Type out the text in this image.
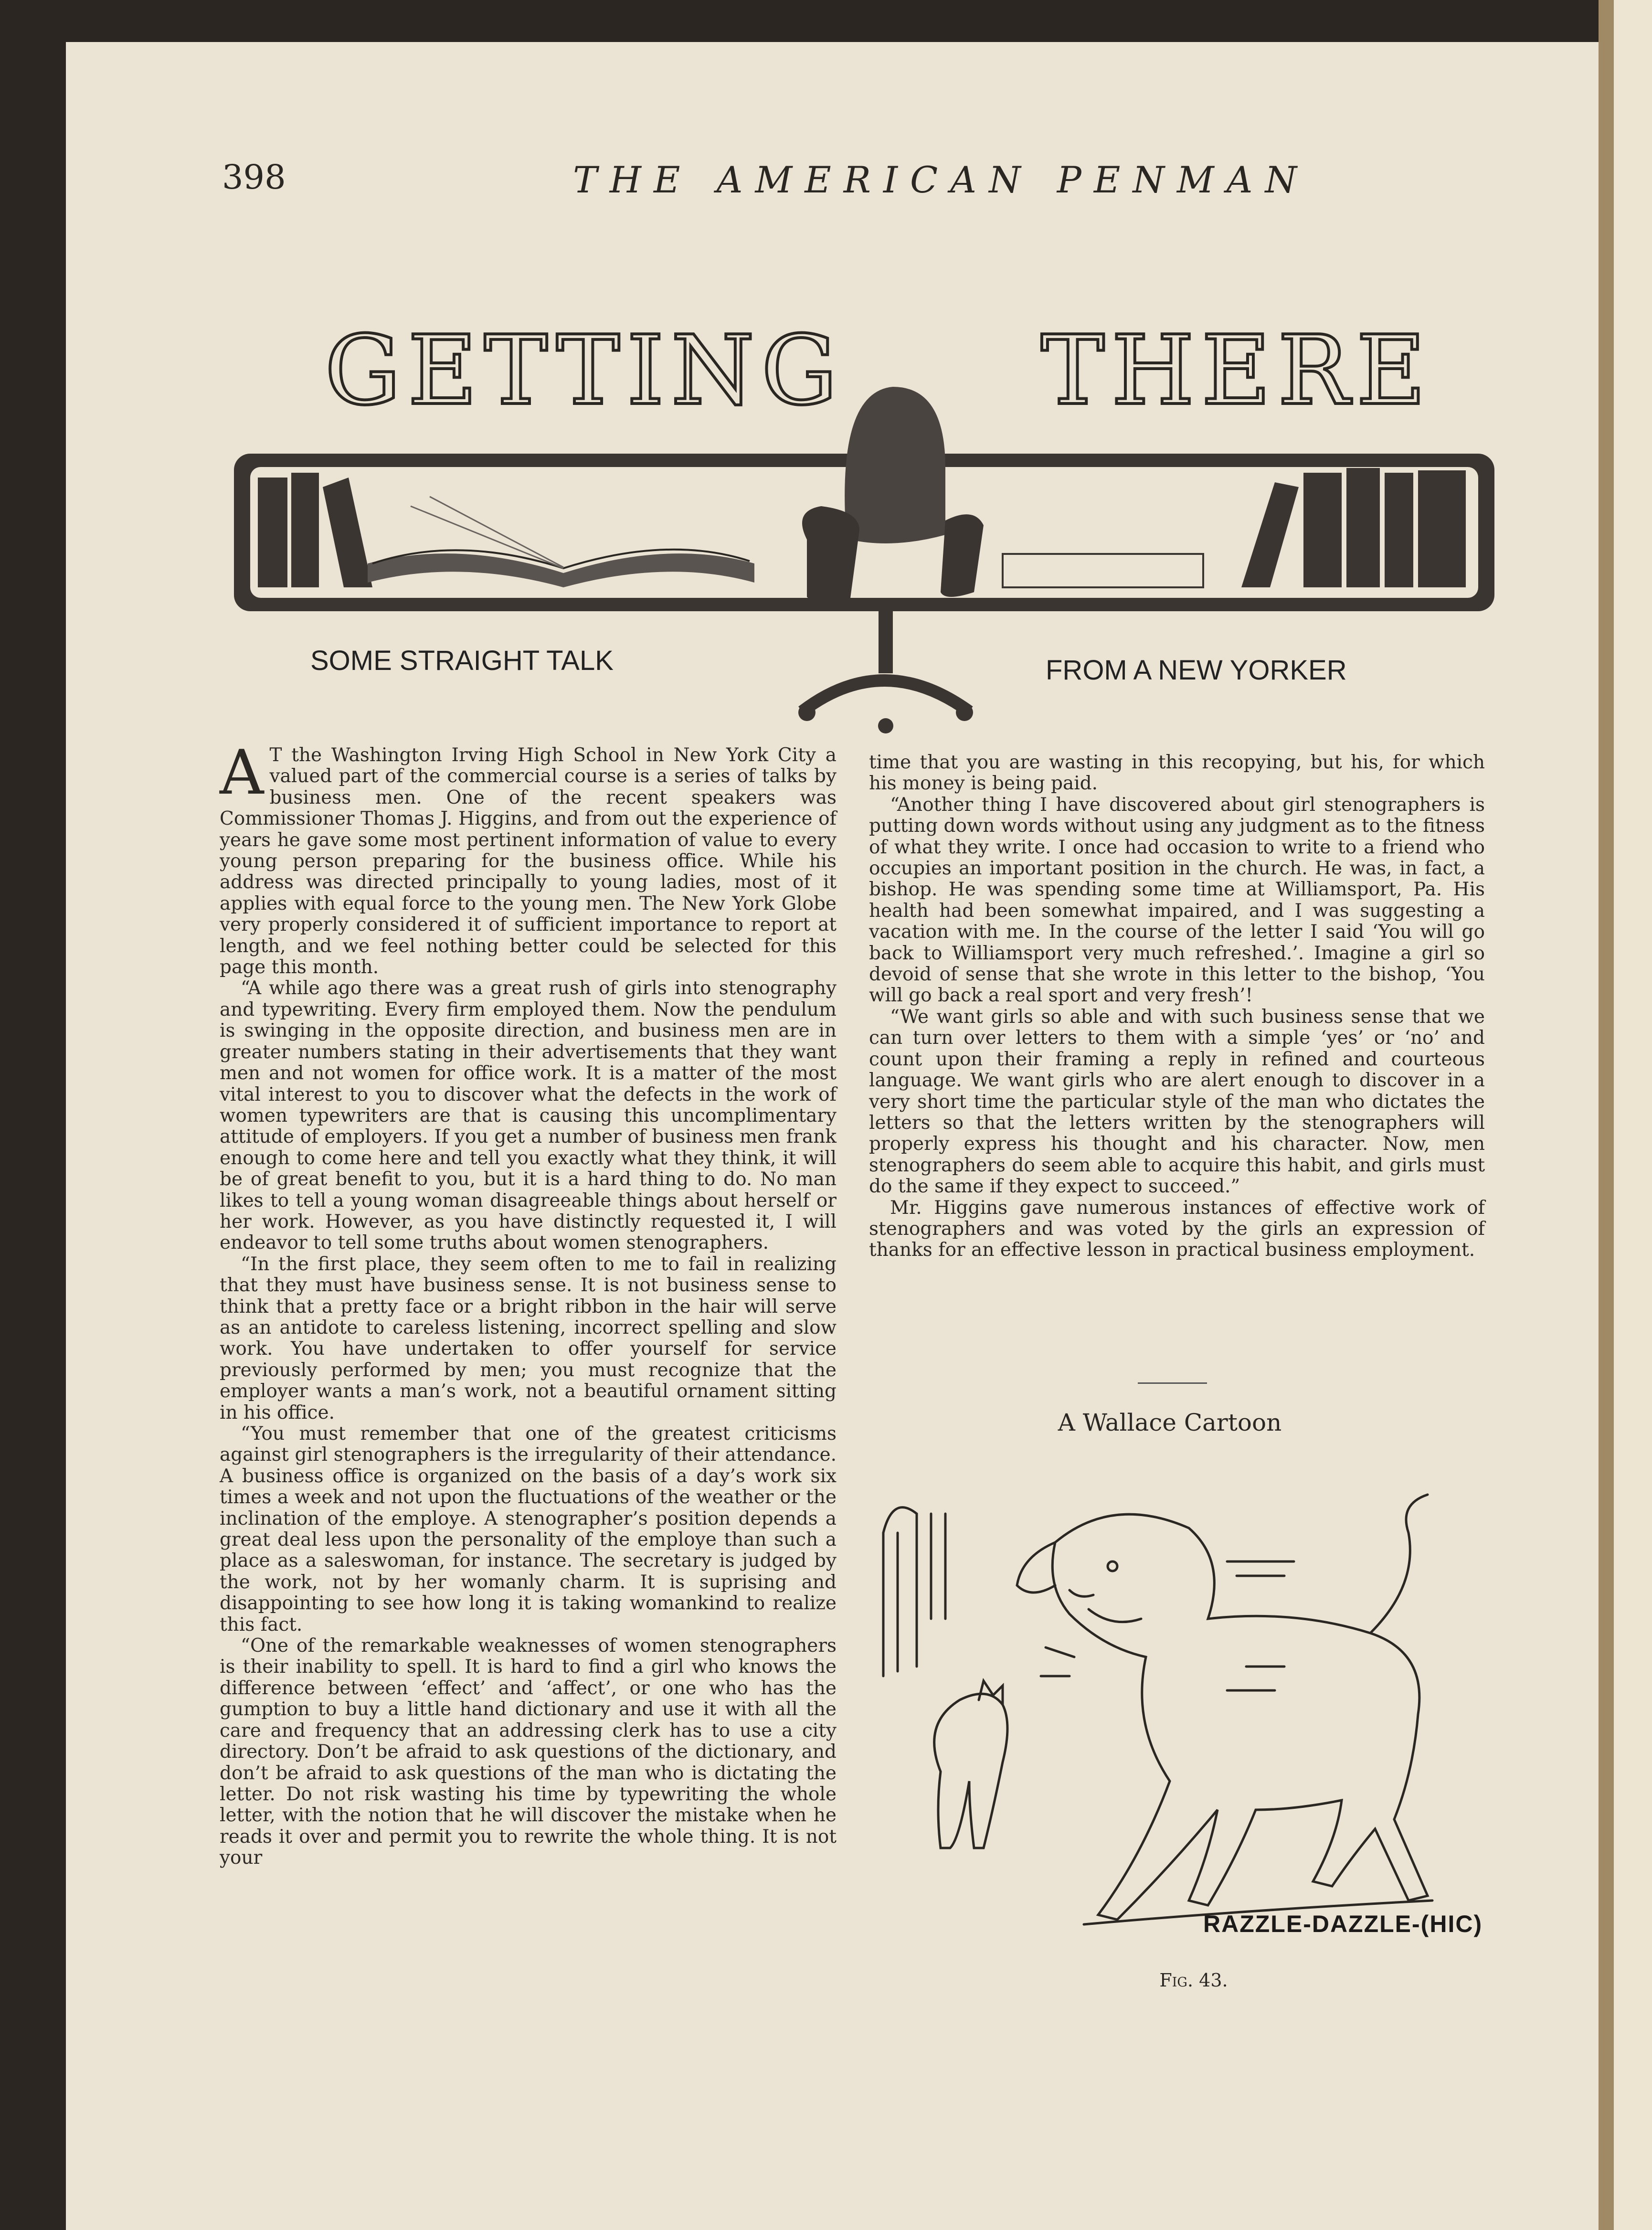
398	THE AMERICAN PENMAN
GETTING THERE
SOME STRAIGHT TALK	FROM A NEW YORKER

A T the Washington Irving High School in New York City a valued part of the commercial course is a series of talks by business men. One of the recent speakers was Commissioner Thomas J. Higgins, and from out the experience of years he gave some most pertinent information of value to every young person preparing for the business office. While his address was directed principally to young ladies, most of it applies with equal force to the young men. The New York Globe very properly considered it of sufficient importance to report at length, and we feel nothing better could be selected for this page this month.

“A while ago there was a great rush of girls into stenography and typewriting. Every firm employed them. Now the pendulum is swinging in the opposite direction, and business men are in greater numbers stating in their advertisements that they want men and not women for office work. It is a matter of the most vital interest to you to discover what the defects in the work of women typewriters are that is causing this uncomplimentary attitude of employers. If you get a number of business men frank enough to come here and tell you exactly what they think, it will be of great benefit to you, but it is a hard thing to do. No man likes to tell a young woman disagreeable things about herself or her work. However, as you have distinctly requested it, I will endeavor to tell some truths about women stenographers.

“In the first place, they seem often to me to fail in realizing that they must have business sense. It is not business sense to think that a pretty face or a bright ribbon in the hair will serve as an antidote to careless listening, incorrect spelling and slow work. You have undertaken to offer yourself for service previously performed by men; you must recognize that the employer wants a man’s work, not a beautiful ornament sitting in his office.

“You must remember that one of the greatest criticisms against girl stenographers is the irregularity of their attendance. A business office is organized on the basis of a day’s work six times a week and not upon the fluctuations of the weather or the inclination of the employe. A stenographer’s position depends a great deal less upon the personality of the employe than such a place as a saleswoman, for instance. The secretary is judged by the work, not by her womanly charm. It is suprising and disappointing to see how long it is taking womankind to realize this fact.

“One of the remarkable weaknesses of women stenographers is their inability to spell. It is hard to find a girl who knows the difference between ‘effect’ and ‘affect’, or one who has the gumption to buy a little hand dictionary and use it with all the care and frequency that an addressing clerk has to use a city directory. Don’t be afraid to ask questions of the dictionary, and don’t be afraid to ask questions of the man who is dictating the letter. Do not risk wasting his time by typewriting the whole letter, with the notion that he will discover the mistake when he reads it over and permit you to rewrite the whole thing. It is not your

time that you are wasting in this recopying, but his, for which his money is being paid.

“Another thing I have discovered about girl stenographers is putting down words without using any judgment as to the fitness of what they write. I once had occasion to write to a friend who occupies an important position in the church. He was, in fact, a bishop. He was spending some time at Williamsport, Pa. His health had been somewhat impaired, and I was suggesting a vacation with me. In the course of the letter I said ‘You will go back to Williamsport very much refreshed.’. Imagine a girl so devoid of sense that she wrote in this letter to the bishop, ‘You will go back a real sport and very fresh’!

“We want girls so able and with such business sense that we can turn over letters to them with a simple ‘yes’ or ‘no’ and count upon their framing a reply in refined and courteous language. We want girls who are alert enough to discover in a very short time the particular style of the man who dictates the letters so that the letters written by the stenographers will properly express his thought and his character. Now, men stenographers do seem able to acquire this habit, and girls must do the same if they expect to succeed.”

Mr. Higgins gave numerous instances of effective work of stenographers and was voted by the girls an expression of thanks for an effective lesson in practical business employment.

A Wallace Cartoon
RAZZLE-DAZZLE-(HIC)
Fig. 43.
